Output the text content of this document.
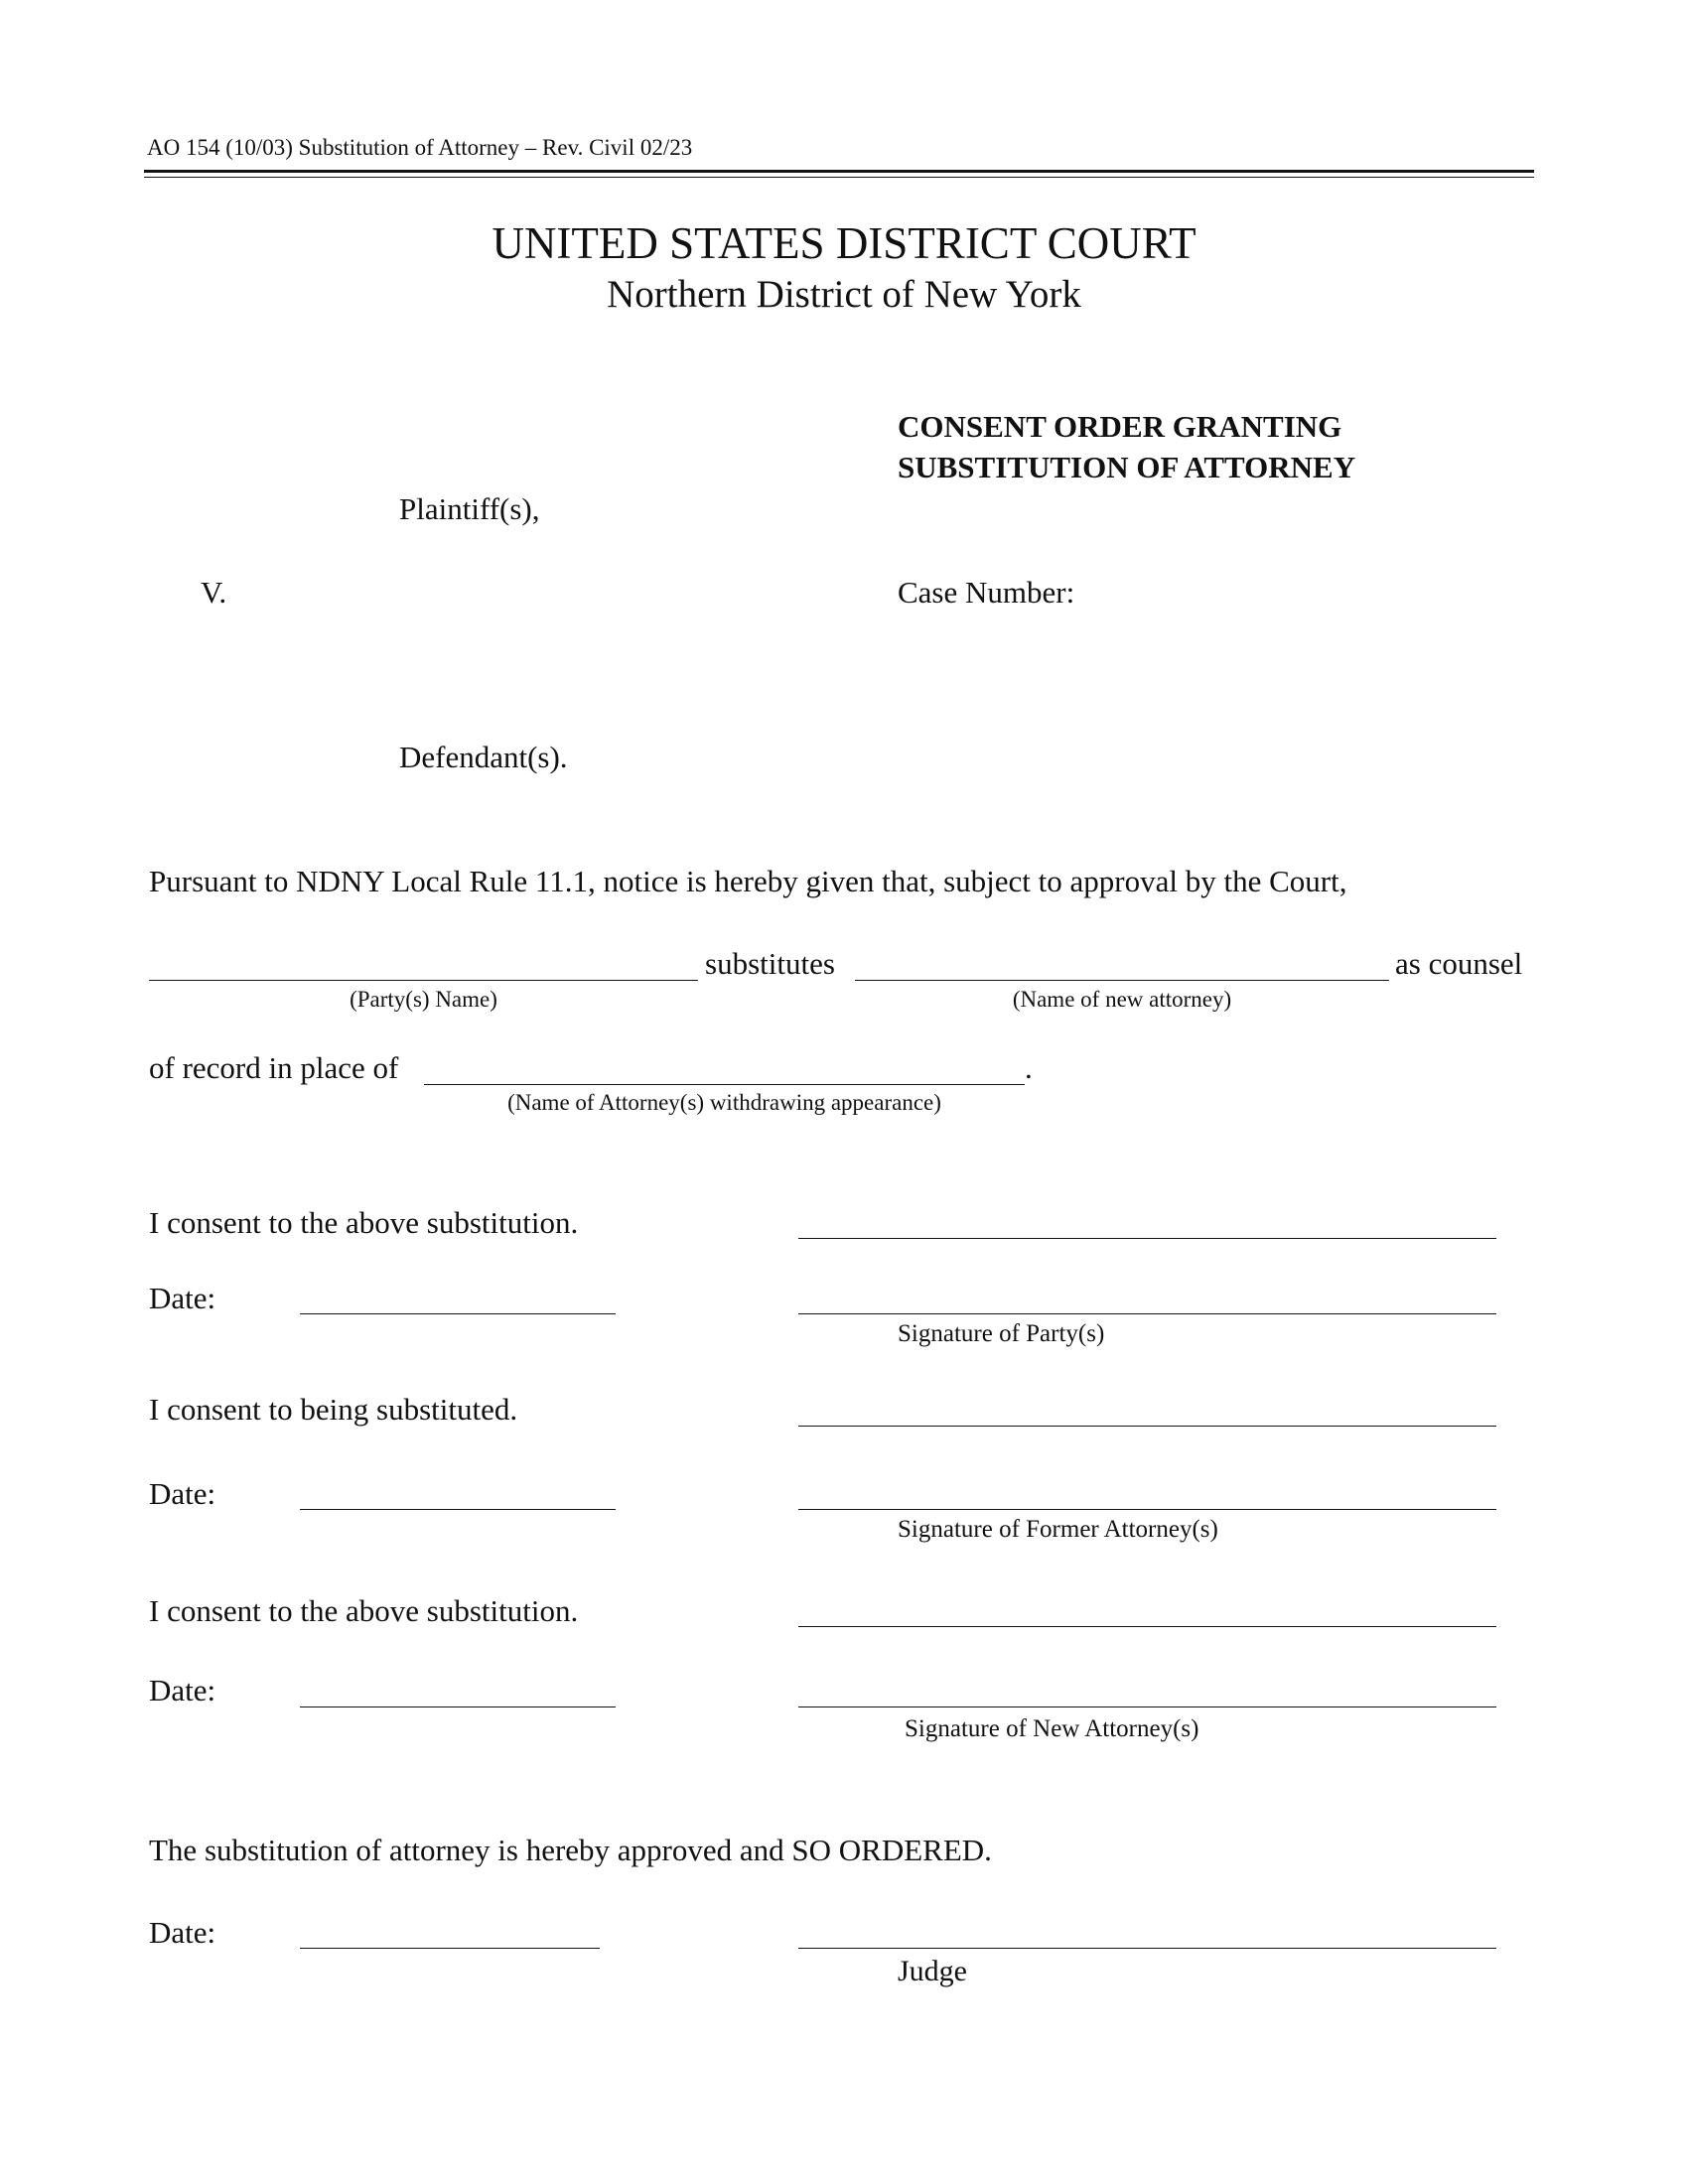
AO 154 (10/03) Substitution of Attorney – Rev. Civil 02/23
UNITED STATES DISTRICT COURT
Northern District of New York
CONSENT ORDER GRANTING
SUBSTITUTION OF ATTORNEY
Plaintiff(s),
V.	Case Number:
Defendant(s).
Pursuant to NDNY Local Rule 11.1, notice is hereby given that, subject to approval by the Court,
substitutes	as counsel
(Party(s) Name)	(Name of new attorney)
of record in place of	.
(Name of Attorney(s) withdrawing appearance)
I consent to the above substitution.
Date:
Signature of Party(s)
I consent to being substituted.
Date:
Signature of Former Attorney(s)
I consent to the above substitution.
Date:
Signature of New Attorney(s)
The substitution of attorney is hereby approved and SO ORDERED.
Date:
Judge
